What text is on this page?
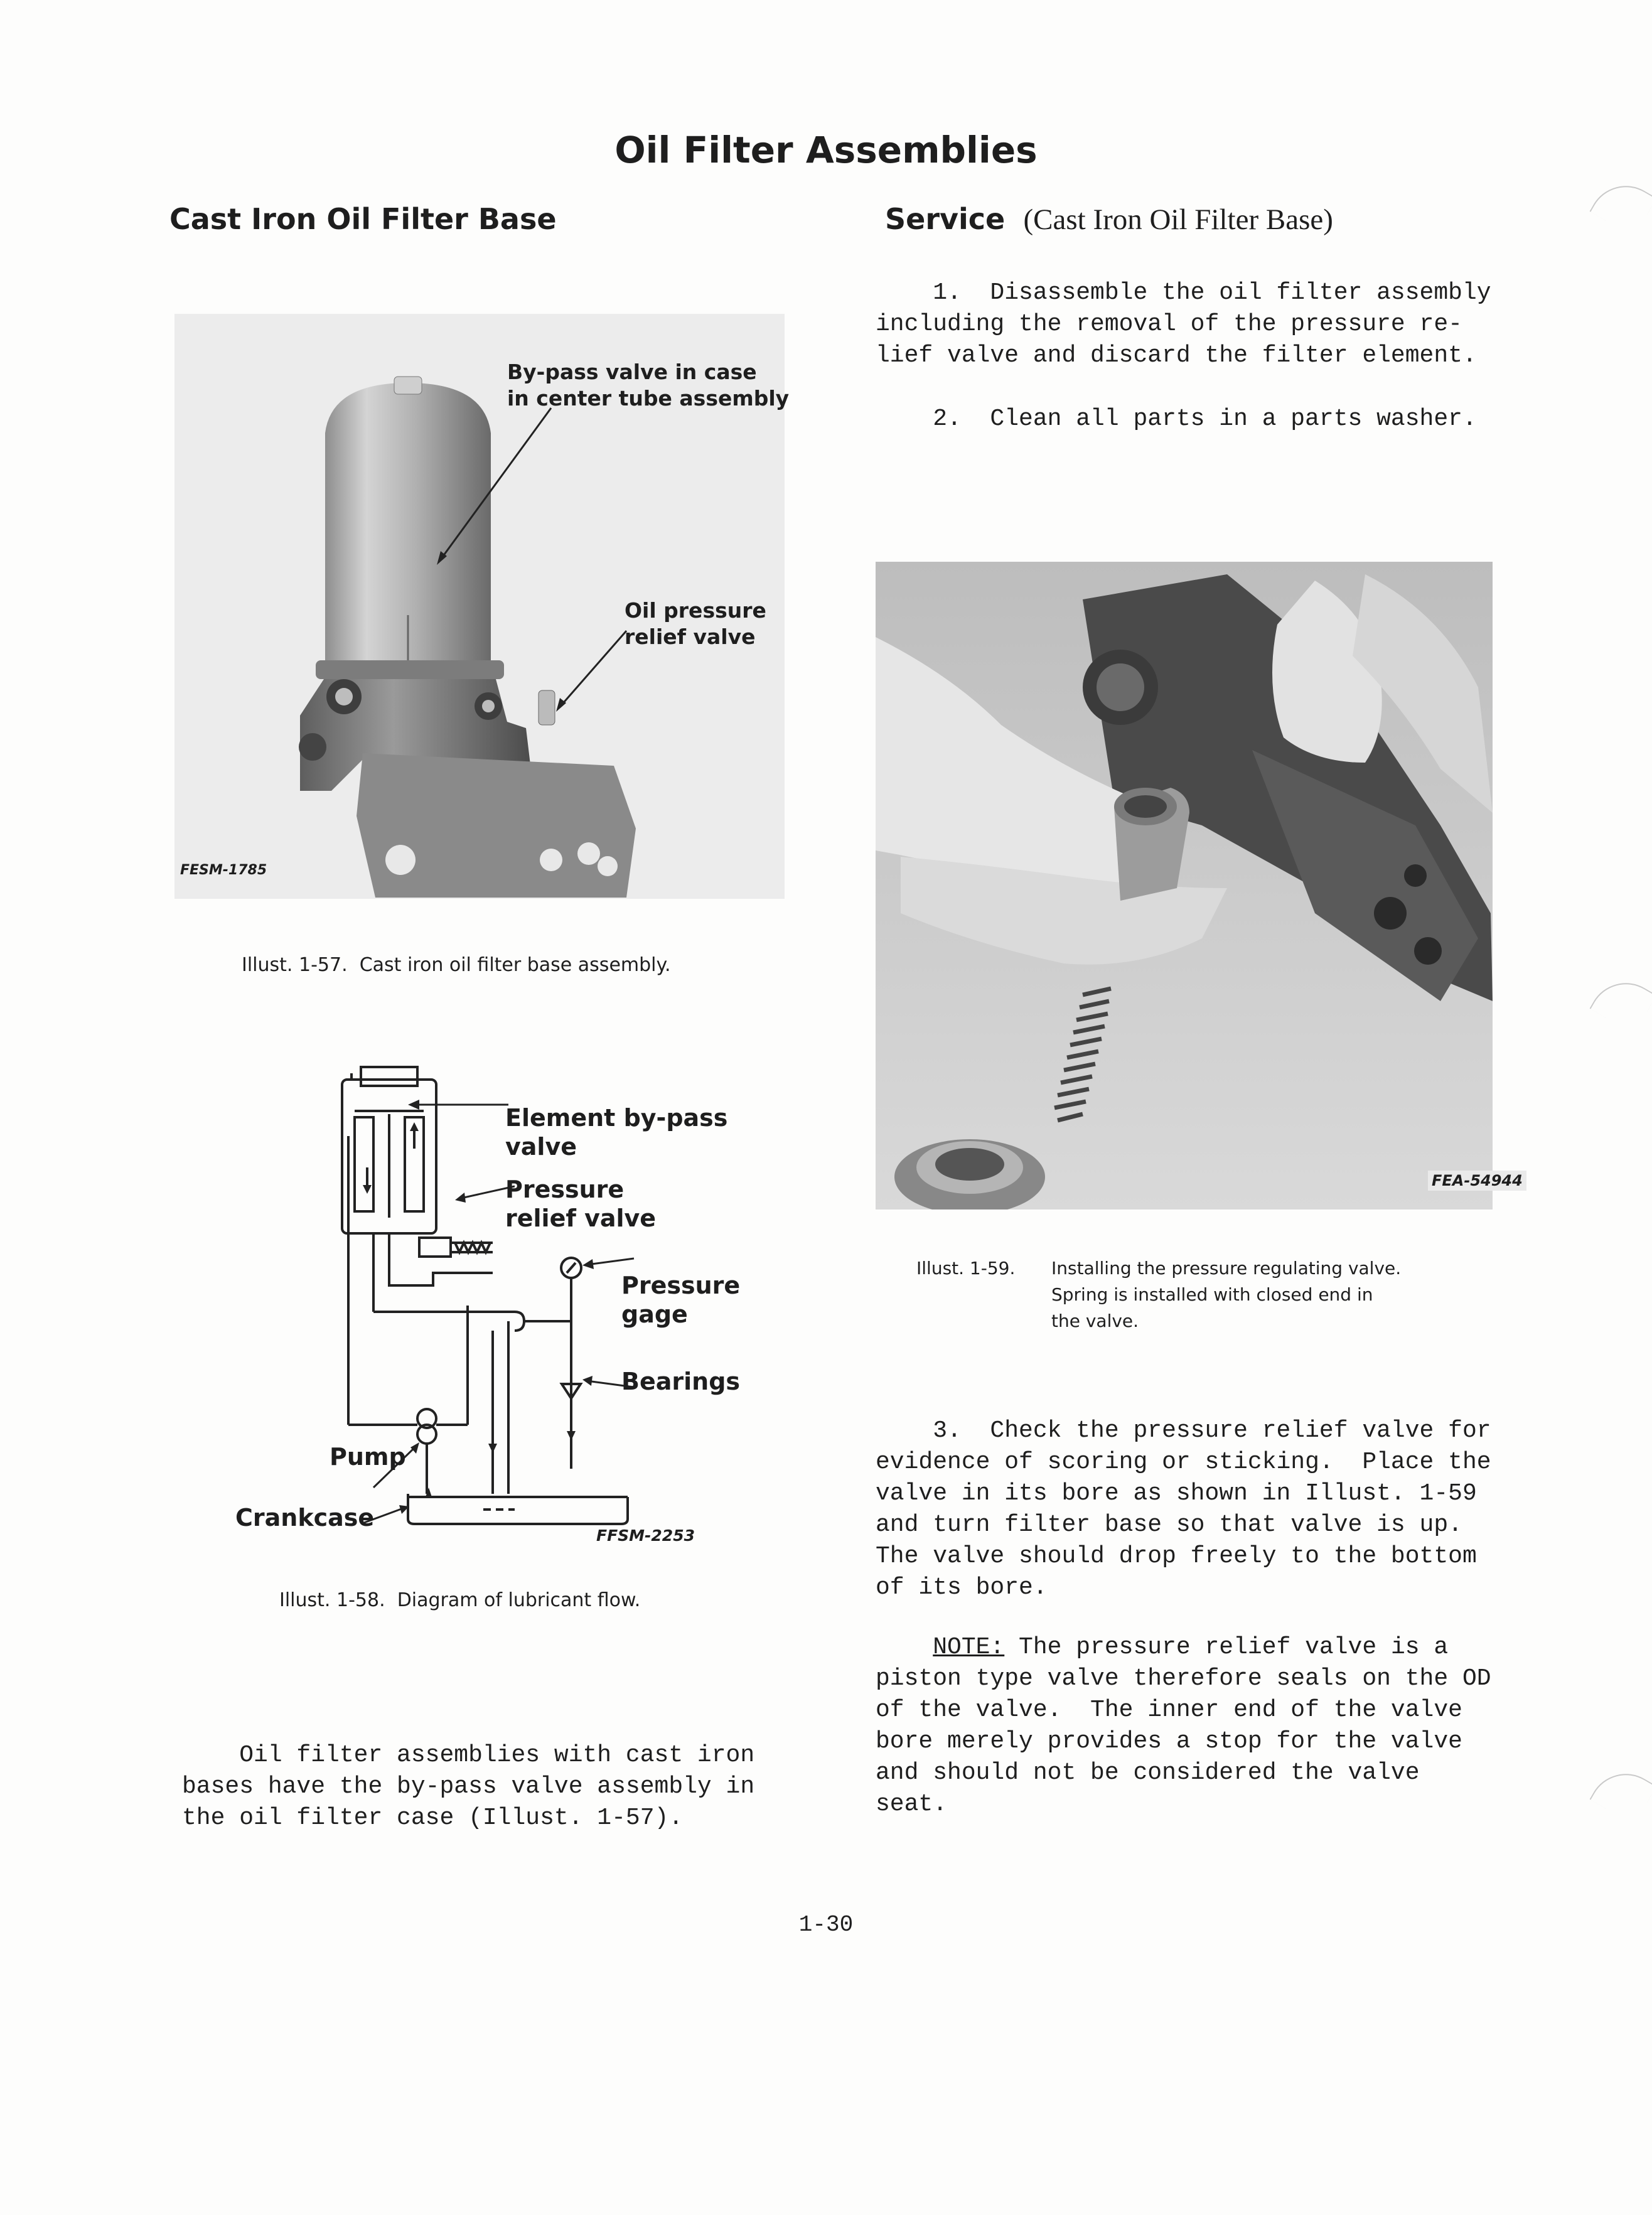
Oil Filter Assemblies
Cast Iron Oil Filter Base	Service (Cast Iron Oil Filter Base)
By-pass valve in case
in center tube assembly
Oil pressure
relief valve
FESM-1785
Illust. 1-57.  Cast iron oil filter base assembly.
Element by-pass
valve
Pressure
relief valve
Pressure
gage
Bearings
Pump
Crankcase
FFSM-2253
Illust. 1-58.  Diagram of lubricant flow.
Oil filter assemblies with cast iron
bases have the by-pass valve assembly in
the oil filter case (Illust. 1-57).
1.  Disassemble the oil filter assembly
including the removal of the pressure re-
lief valve and discard the filter element.
2.  Clean all parts in a parts washer.
FEA-54944
Illust. 1-59. Installing the pressure regulating valve.
Spring is installed with closed end in
the valve.
3.  Check the pressure relief valve for
evidence of scoring or sticking.  Place the
valve in its bore as shown in Illust. 1-59
and turn filter base so that valve is up.
The valve should drop freely to the bottom
of its bore.
NOTE: The pressure relief valve is a
piston type valve therefore seals on the OD
of the valve.  The inner end of the valve
bore merely provides a stop for the valve
and should not be considered the valve
seat.
1-30
